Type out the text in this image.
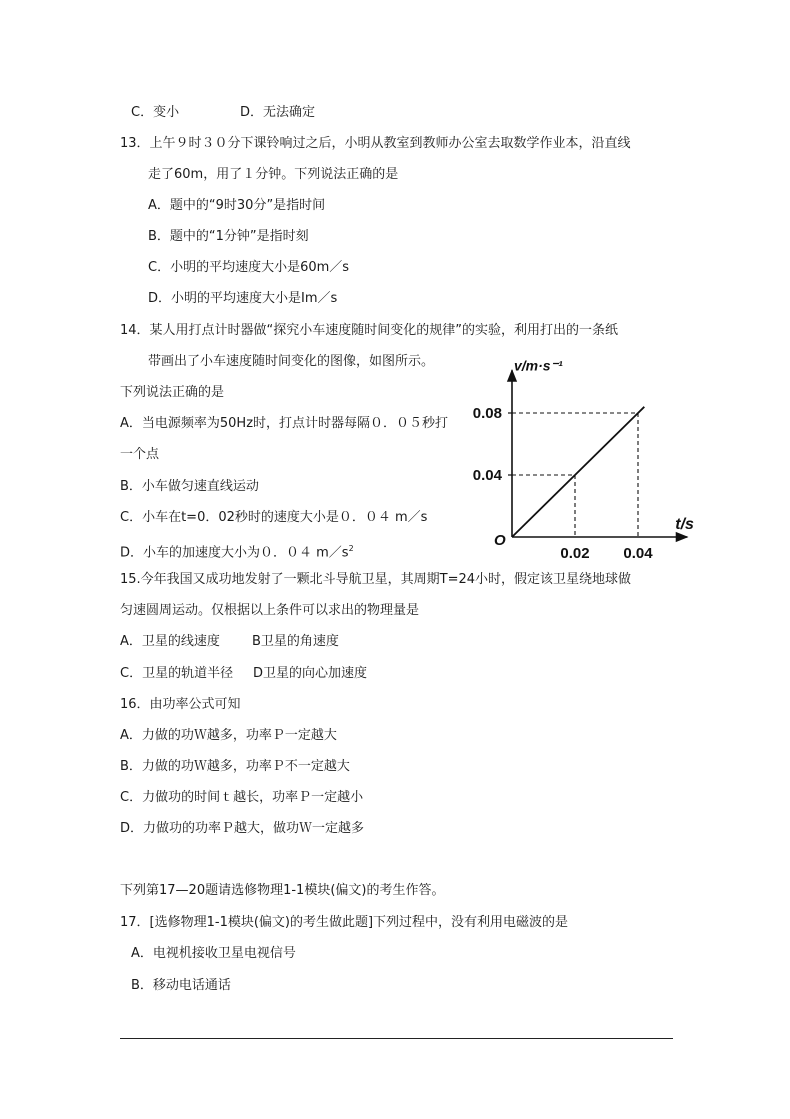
C．变小	D．无法确定
13．上午９时３０分下课铃响过之后，小明从教室到教师办公室去取数学作业本，沿直线
走了60m，用了１分钟。下列说法正确的是
A．题中的“9时30分”是指时间
B．题中的“1分钟”是指时刻
C．小明的平均速度大小是60m／s
D．小明的平均速度大小是Im／s
14．某人用打点计时器做“探究小车速度随时间变化的规律”的实验，利用打出的一条纸
带画出了小车速度随时间变化的图像，如图所示。
下列说法正确的是
A．当电源频率为50Hz时，打点计时器每隔０．０５秒打
一个点
B．小车做匀速直线运动
C．小车在t=0．02秒时的速度大小是０．０４ m／s
D．小车的加速度大小为０．０４ $m/s^2$
0.04
0.08
0.02 0.04
O
v/m·s⁻¹
t/s
15.今年我国又成功地发射了一颗北斗导航卫星，其周期T=24小时，假定该卫星绕地球做
匀速圆周运动。仅根据以上条件可以求出的物理量是
A．卫星的线速度 B卫星的角速度
C．卫星的轨道半径 D卫星的向心加速度
16．由功率公式可知
A．力做的功Ｗ越多，功率Ｐ一定越大
B．力做的功Ｗ越多，功率Ｐ不一定越大
C．力做功的时间ｔ越长，功率Ｐ一定越小
D．力做功的功率Ｐ越大，做功Ｗ一定越多
下列第17—20题请选修物理1-1模块(偏文)的考生作答。
17．[选修物理1-1模块(偏文)的考生做此题]下列过程中，没有利用电磁波的是
A．电视机接收卫星电视信号
B．移动电话通话
